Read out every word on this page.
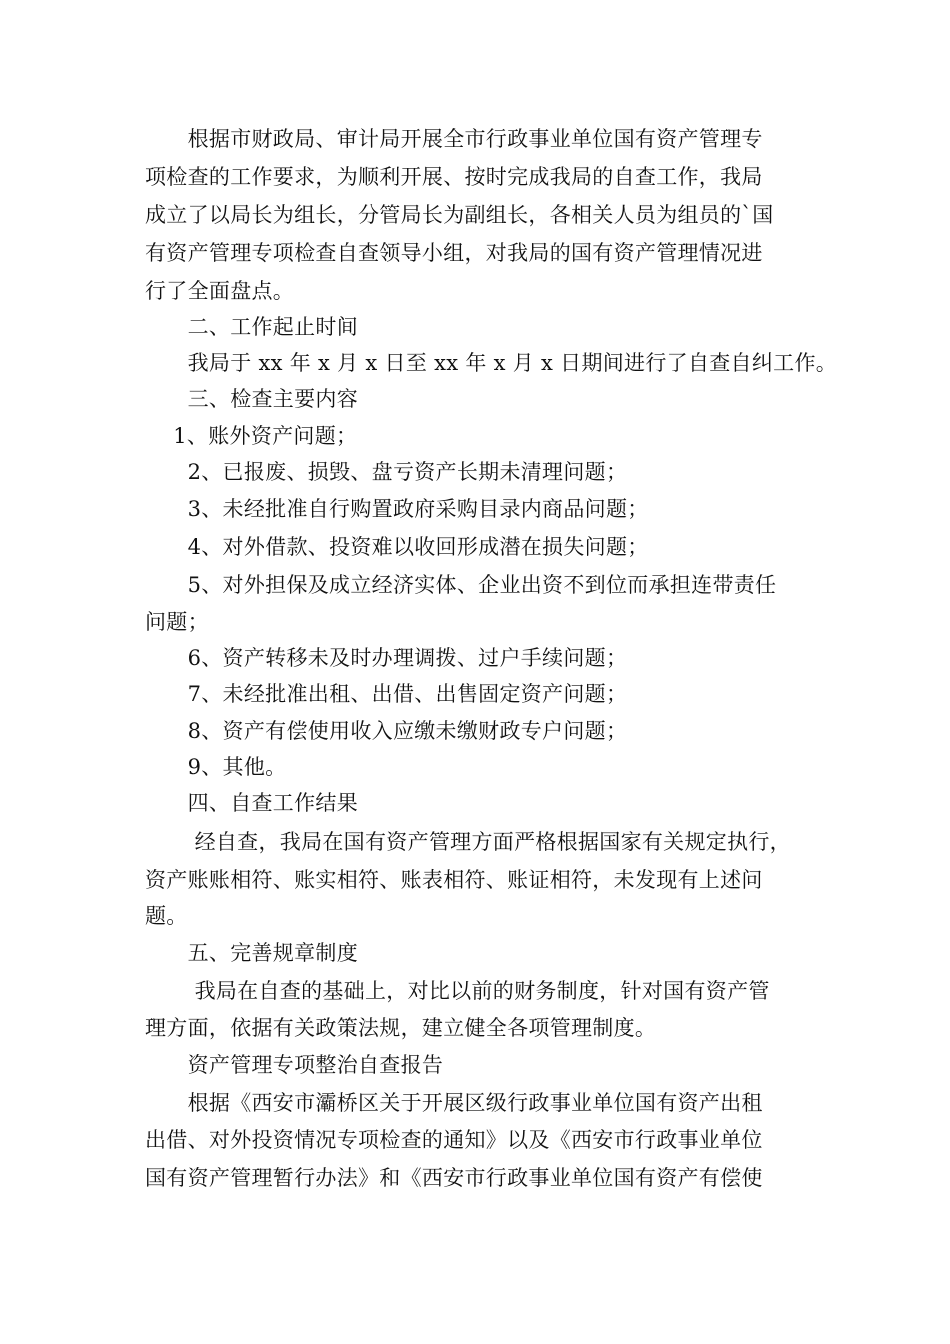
　　根据市财政局、审计局开展全市行政事业单位国有资产管理专
项检查的工作要求，为顺利开展、按时完成我局的自查工作，我局
成立了以局长为组长，分管局长为副组长，各相关人员为组员的`国
有资产管理专项检查自查领导小组，对我局的国有资产管理情况进
行了全面盘点。
　　二、工作起止时间
　　我局于 xx 年 x 月 x 日至 xx 年 x 月 x 日期间进行了自查自纠工作。
　　三、检查主要内容
　 1、账外资产问题；
　　2、已报废、损毁、盘亏资产长期未清理问题；
　　3、未经批准自行购置政府采购目录内商品问题；
　　4、对外借款、投资难以收回形成潜在损失问题；
　　5、对外担保及成立经济实体、企业出资不到位而承担连带责任
问题；
　　6、资产转移未及时办理调拨、过户手续问题；
　　7、未经批准出租、出借、出售固定资产问题；
　　8、资产有偿使用收入应缴未缴财政专户问题；
　　9、其他。
　　四、自查工作结果
　　 经自查，我局在国有资产管理方面严格根据国家有关规定执行，
资产账账相符、账实相符、账表相符、账证相符，未发现有上述问
题。
　　五、完善规章制度
　　 我局在自查的基础上，对比以前的财务制度，针对国有资产管
理方面，依据有关政策法规，建立健全各项管理制度。
　　资产管理专项整治自查报告
　　根据《西安市灞桥区关于开展区级行政事业单位国有资产出租
出借、对外投资情况专项检查的通知》以及《西安市行政事业单位
国有资产管理暂行办法》和《西安市行政事业单位国有资产有偿使
